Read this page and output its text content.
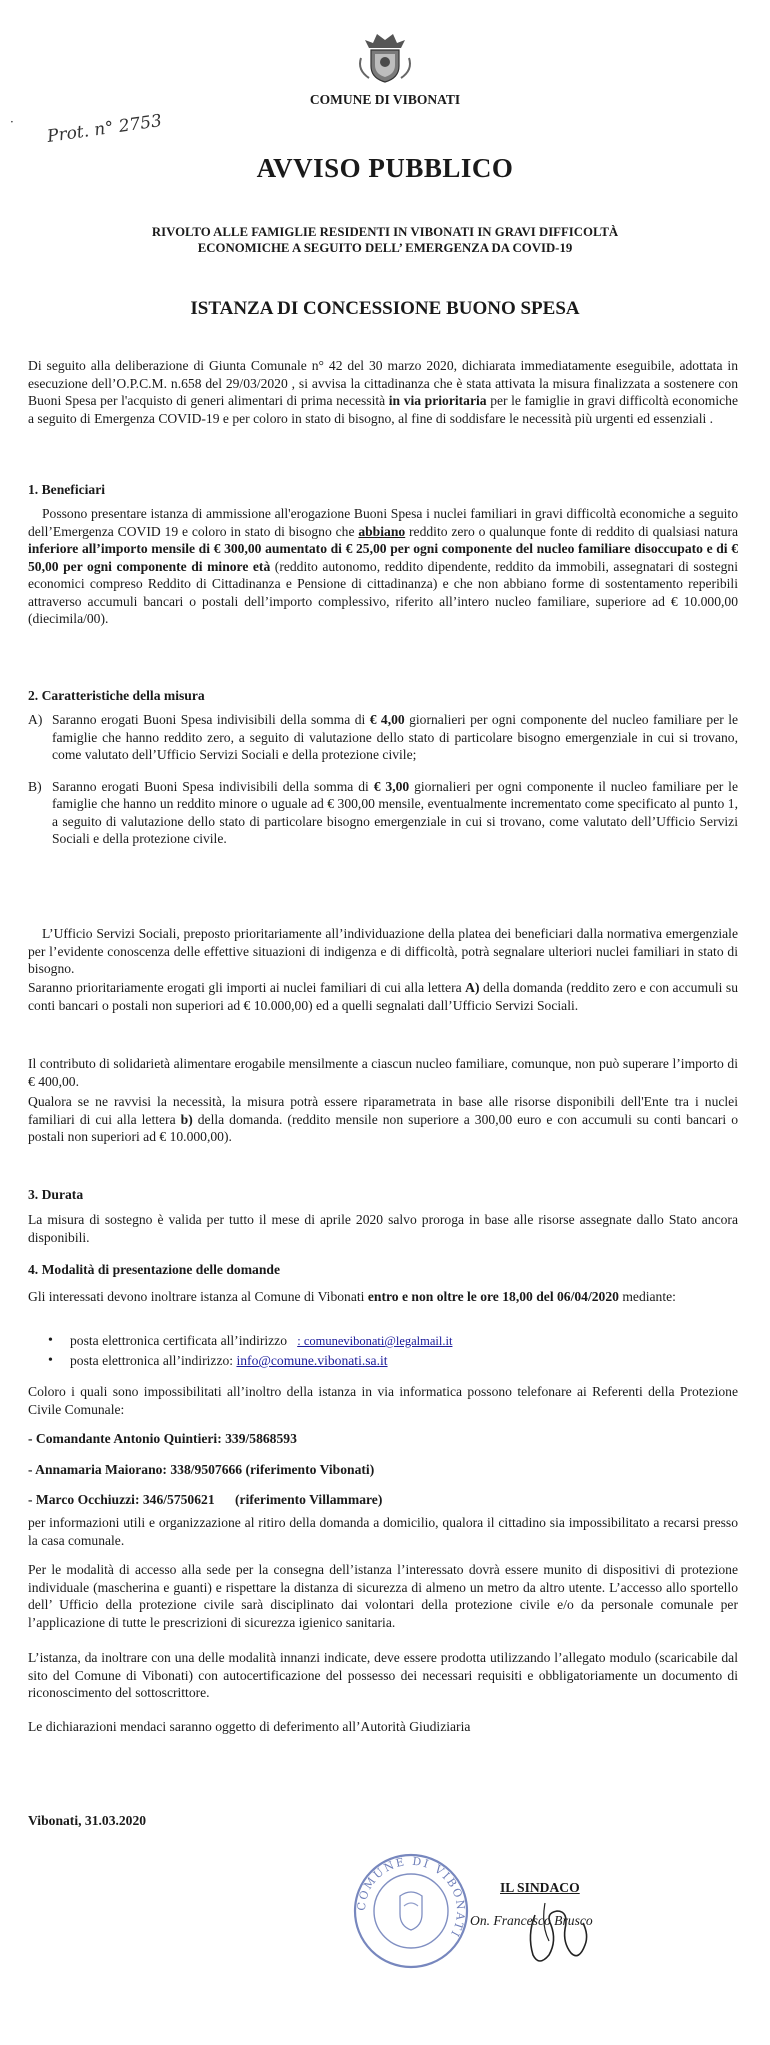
COMUNE DI VIBONATI
Prot. n° 2753
·
AVVISO PUBBLICO
RIVOLTO ALLE FAMIGLIE RESIDENTI IN VIBONATI IN GRAVI DIFFICOLTÀ
ECONOMICHE A SEGUITO DELL’ EMERGENZA DA COVID-19
ISTANZA DI CONCESSIONE BUONO SPESA

Di seguito alla deliberazione di Giunta Comunale n° 42 del 30 marzo 2020, dichiarata immediatamente eseguibile, adottata in esecuzione dell’O.P.C.M. n.658 del 29/03/2020 , si avvisa la cittadinanza che è stata attivata la misura finalizzata a sostenere con Buoni Spesa per l'acquisto di generi alimentari di prima necessità in via prioritaria per le famiglie in gravi difficoltà economiche a seguito di Emergenza COVID-19 e per coloro in stato di bisogno, al fine di soddisfare le necessità più urgenti ed essenziali .

1. Beneficiari

Possono presentare istanza di ammissione all'erogazione Buoni Spesa i nuclei familiari in gravi difficoltà economiche a seguito dell’Emergenza COVID 19 e coloro in stato di bisogno che abbiano reddito zero o qualunque fonte di reddito di qualsiasi natura inferiore all’importo mensile di € 300,00 aumentato di € 25,00 per ogni componente del nucleo familiare disoccupato e di € 50,00 per ogni componente di minore età (reddito autonomo, reddito dipendente, reddito da immobili, assegnatari di sostegni economici compreso Reddito di Cittadinanza e Pensione di cittadinanza) e che non abbiano forme di sostentamento reperibili attraverso accumuli bancari o postali dell’importo complessivo, riferito all’intero nucleo familiare, superiore ad € 10.000,00 (diecimila/00).

2. Caratteristiche della misura
A) Saranno erogati Buoni Spesa indivisibili della somma di € 4,00 giornalieri per ogni componente del nucleo familiare per le famiglie che hanno reddito zero, a seguito di valutazione dello stato di particolare bisogno emergenziale in cui si trovano, come valutato dell’Ufficio Servizi Sociali e della protezione civile;
B) Saranno erogati Buoni Spesa indivisibili della somma di € 3,00 giornalieri per ogni componente il nucleo familiare per le famiglie che hanno un reddito minore o uguale ad € 300,00 mensile, eventualmente incrementato come specificato al punto 1, a seguito di valutazione dello stato di particolare bisogno emergenziale in cui si trovano, come valutato dell’Ufficio Servizi Sociali e della protezione civile.

L’Ufficio Servizi Sociali, preposto prioritariamente all’individuazione della platea dei beneficiari dalla normativa emergenziale per l’evidente conoscenza delle effettive situazioni di indigenza e di difficoltà, potrà segnalare ulteriori nuclei familiari in stato di bisogno.

Saranno prioritariamente erogati gli importi ai nuclei familiari di cui alla lettera A) della domanda (reddito zero e con accumuli su conti bancari o postali non superiori ad € 10.000,00) ed a quelli segnalati dall’Ufficio Servizi Sociali.

Il contributo di solidarietà alimentare erogabile mensilmente a ciascun nucleo familiare, comunque, non può superare l’importo di € 400,00.

Qualora se ne ravvisi la necessità, la misura potrà essere riparametrata in base alle risorse disponibili dell'Ente tra i nuclei familiari di cui alla lettera b) della domanda. (reddito mensile non superiore a 300,00 euro e con accumuli su conti bancari o postali non superiori ad € 10.000,00).

3. Durata

La misura di sostegno è valida per tutto il mese di aprile 2020 salvo proroga in base alle risorse assegnate dallo Stato ancora disponibili.

4. Modalità di presentazione delle domande

Gli interessati devono inoltrare istanza al Comune di Vibonati entro e non oltre le ore 18,00 del 06/04/2020 mediante:

• posta elettronica certificata all’indirizzo : comunevibonati@legalmail.it
• posta elettronica all’indirizzo: info@comune.vibonati.sa.it

Coloro i quali sono impossibilitati all’inoltro della istanza in via informatica possono telefonare ai Referenti della Protezione Civile Comunale:

- Comandante Antonio Quintieri: 339/5868593
- Annamaria Maiorano: 338/9507666 (riferimento Vibonati)
- Marco Occhiuzzi: 346/5750621 (riferimento Villammare)

per informazioni utili e organizzazione al ritiro della domanda a domicilio, qualora il cittadino sia impossibilitato a recarsi presso la casa comunale.

Per le modalità di accesso alla sede per la consegna dell’istanza l’interessato dovrà essere munito di dispositivi di protezione individuale (mascherina e guanti) e rispettare la distanza di sicurezza di almeno un metro da altro utente. L’accesso allo sportello dell’ Ufficio della protezione civile sarà disciplinato dai volontari della protezione civile e/o da personale comunale per l’applicazione di tutte le prescrizioni di sicurezza igienico sanitaria.

L’istanza, da inoltrare con una delle modalità innanzi indicate, deve essere prodotta utilizzando l’allegato modulo (scaricabile dal sito del Comune di Vibonati) con autocertificazione del possesso dei necessari requisiti e obbligatoriamente un documento di riconoscimento del sottoscrittore.

Le dichiarazioni mendaci saranno oggetto di deferimento all’Autorità Giudiziaria

Vibonati, 31.03.2020
COMUNE DI VIBONATI
IL SINDACO
On. Francesco Brusco
